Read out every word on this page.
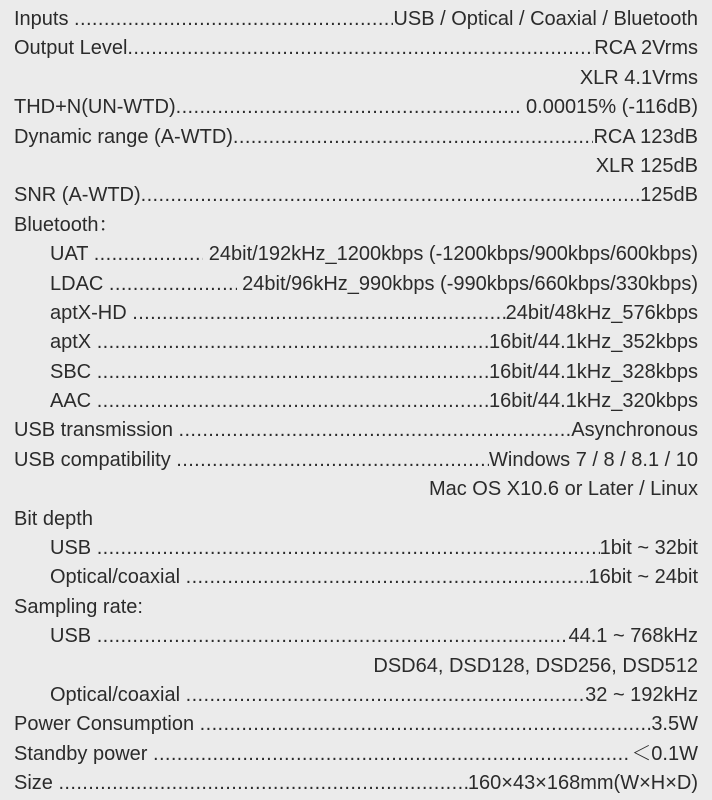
Inputs .....	USB / Optical / Coaxial / Bluetooth
Output Level .....	RCA 2Vrms
XLR 4.1Vrms
THD+N(UN-WTD) .....	0.00015% (-116dB)
Dynamic range (A-WTD) .....	RCA 123dB
XLR 125dB
SNR (A-WTD) .....	125dB
Bluetooth：
UAT .....	24bit/192kHz_1200kbps (-1200kbps/900kbps/600kbps)
LDAC .....	24bit/96kHz_990kbps (-990kbps/660kbps/330kbps)
aptX-HD .....	24bit/48kHz_576kbps
aptX .....	16bit/44.1kHz_352kbps
SBC .....	16bit/44.1kHz_328kbps
AAC .....	16bit/44.1kHz_320kbps
USB transmission .....	Asynchronous
USB compatibility .....	Windows 7 / 8 / 8.1 / 10
Mac OS X10.6 or Later / Linux
Bit depth
USB .....	1bit ~ 32bit
Optical/coaxial .....	16bit ~ 24bit
Sampling rate:
USB .....	44.1 ~ 768kHz
DSD64, DSD128, DSD256, DSD512
Optical/coaxial .....	32 ~ 192kHz
Power Consumption .....	3.5W
Standby power .....	＜0.1W
Size .....	160×43×168mm(W×H×D)
